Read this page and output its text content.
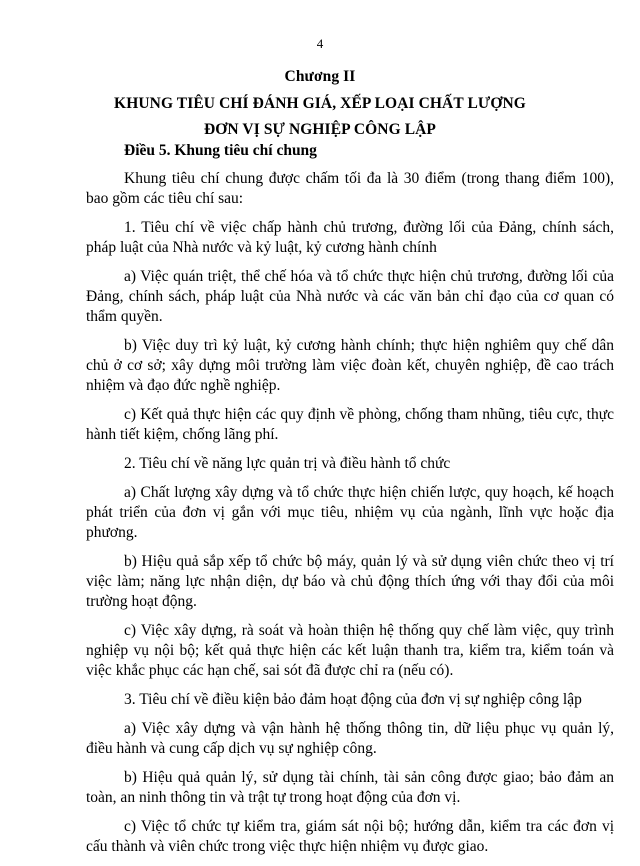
4
Chương II
KHUNG TIÊU CHÍ ĐÁNH GIÁ, XẾP LOẠI CHẤT LƯỢNG
ĐƠN VỊ SỰ NGHIỆP CÔNG LẬP

Điều 5. Khung tiêu chí chung

Khung tiêu chí chung được chấm tối đa là 30 điểm (trong thang điểm 100), bao gồm các tiêu chí sau:

1. Tiêu chí về việc chấp hành chủ trương, đường lối của Đảng, chính sách, pháp luật của Nhà nước và kỷ luật, kỷ cương hành chính

a) Việc quán triệt, thể chế hóa và tổ chức thực hiện chủ trương, đường lối của Đảng, chính sách, pháp luật của Nhà nước và các văn bản chỉ đạo của cơ quan có thẩm quyền.

b) Việc duy trì kỷ luật, kỷ cương hành chính; thực hiện nghiêm quy chế dân chủ ở cơ sở; xây dựng môi trường làm việc đoàn kết, chuyên nghiệp, đề cao trách nhiệm và đạo đức nghề nghiệp.

c) Kết quả thực hiện các quy định về phòng, chống tham nhũng, tiêu cực, thực hành tiết kiệm, chống lãng phí.

2. Tiêu chí về năng lực quản trị và điều hành tổ chức

a) Chất lượng xây dựng và tổ chức thực hiện chiến lược, quy hoạch, kế hoạch phát triển của đơn vị gắn với mục tiêu, nhiệm vụ của ngành, lĩnh vực hoặc địa phương.

b) Hiệu quả sắp xếp tổ chức bộ máy, quản lý và sử dụng viên chức theo vị trí việc làm; năng lực nhận diện, dự báo và chủ động thích ứng với thay đổi của môi trường hoạt động.

c) Việc xây dựng, rà soát và hoàn thiện hệ thống quy chế làm việc, quy trình nghiệp vụ nội bộ; kết quả thực hiện các kết luận thanh tra, kiểm tra, kiểm toán và việc khắc phục các hạn chế, sai sót đã được chỉ ra (nếu có).

3. Tiêu chí về điều kiện bảo đảm hoạt động của đơn vị sự nghiệp công lập

a) Việc xây dựng và vận hành hệ thống thông tin, dữ liệu phục vụ quản lý, điều hành và cung cấp dịch vụ sự nghiệp công.

b) Hiệu quả quản lý, sử dụng tài chính, tài sản công được giao; bảo đảm an toàn, an ninh thông tin và trật tự trong hoạt động của đơn vị.

c) Việc tổ chức tự kiểm tra, giám sát nội bộ; hướng dẫn, kiểm tra các đơn vị cấu thành và viên chức trong việc thực hiện nhiệm vụ được giao.
